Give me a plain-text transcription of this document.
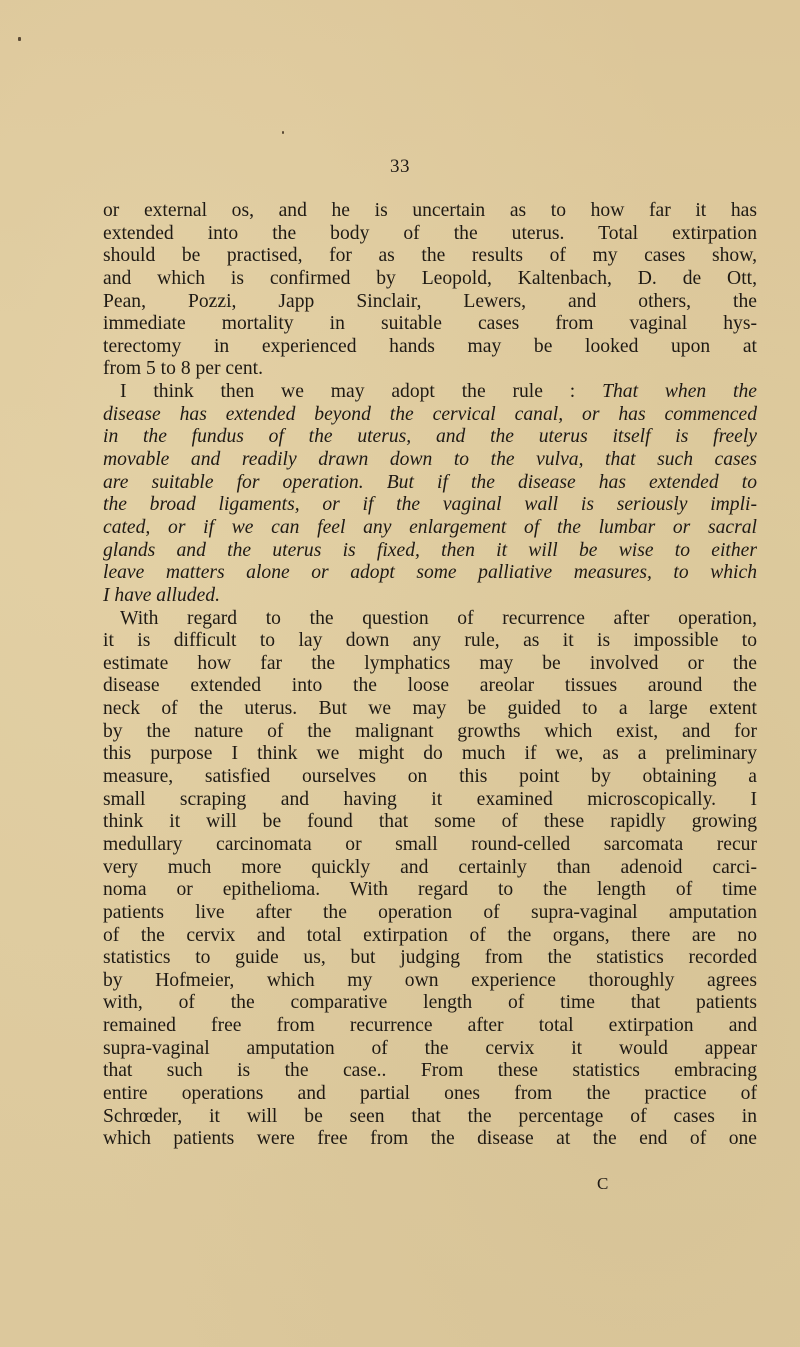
33
or external os, and he is uncertain as to how far it has
extended into the body of the uterus. Total extirpation
should be practised, for as the results of my cases show,
and which is confirmed by Leopold, Kaltenbach, D. de Ott,
Pean, Pozzi, Japp Sinclair, Lewers, and others, the
immediate mortality in suitable cases from vaginal hys-
terectomy in experienced hands may be looked upon at
from 5 to 8 per cent.
I think then we may adopt the rule : That when the
disease has extended beyond the cervical canal, or has commenced
in the fundus of the uterus, and the uterus itself is freely
movable and readily drawn down to the vulva, that such cases
are suitable for operation. But if the disease has extended to
the broad ligaments, or if the vaginal wall is seriously impli-
cated, or if we can feel any enlargement of the lumbar or sacral
glands and the uterus is fixed, then it will be wise to either
leave matters alone or adopt some palliative measures, to which
I have alluded.
With regard to the question of recurrence after operation,
it is difficult to lay down any rule, as it is impossible to
estimate how far the lymphatics may be involved or the
disease extended into the loose areolar tissues around the
neck of the uterus. But we may be guided to a large extent
by the nature of the malignant growths which exist, and for
this purpose I think we might do much if we, as a preliminary
measure, satisfied ourselves on this point by obtaining a
small scraping and having it examined microscopically. I
think it will be found that some of these rapidly growing
medullary carcinomata or small round-celled sarcomata recur
very much more quickly and certainly than adenoid carci-
noma or epithelioma. With regard to the length of time
patients live after the operation of supra-vaginal amputation
of the cervix and total extirpation of the organs, there are no
statistics to guide us, but judging from the statistics recorded
by Hofmeier, which my own experience thoroughly agrees
with, of the comparative length of time that patients
remained free from recurrence after total extirpation and
supra-vaginal amputation of the cervix it would appear
that such is the case.. From these statistics embracing
entire operations and partial ones from the practice of
Schrœder, it will be seen that the percentage of cases in
which patients were free from the disease at the end of one
C
